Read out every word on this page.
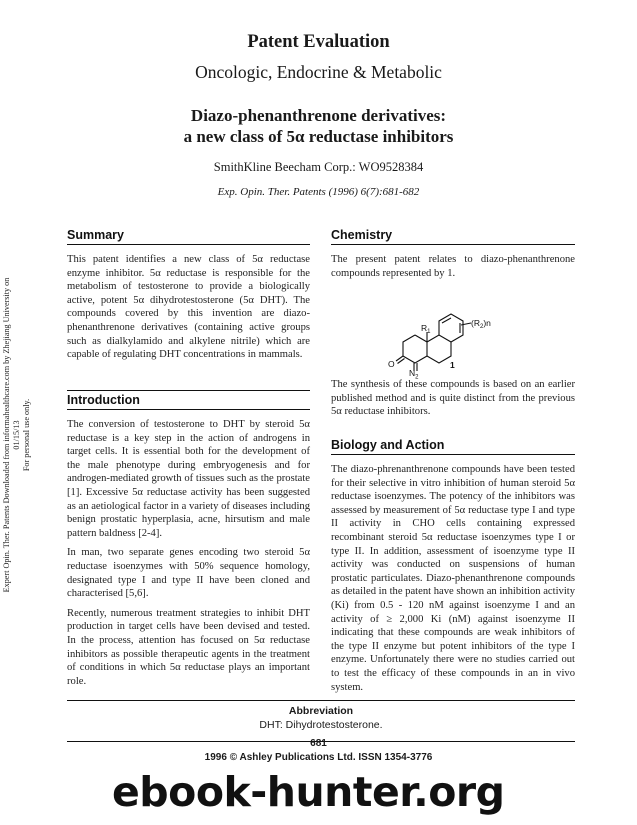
Expert Opin. Ther. Patents Downloaded from informahealthcare.com by Zhejiang University on 01/15/13 For personal use only.
Patent Evaluation
Oncologic, Endocrine & Metabolic
Diazo-phenanthrenone derivatives:
a new class of 5α reductase inhibitors
SmithKline Beecham Corp.: WO9528384
Exp. Opin. Ther. Patents (1996) 6(7):681-682
Summary

This patent identifies a new class of 5α reductase enzyme inhibitor. 5α reductase is responsible for the metabolism of testosterone to provide a biologically active, potent 5α dihydrotestosterone (5α DHT). The compounds covered by this invention are diazo-phenanthrenone derivatives (containing active groups such as dialkylamido and alkylene nitrile) which are capable of regulating DHT concentrations in mammals.

Introduction

The conversion of testosterone to DHT by steroid 5α reductase is a key step in the action of androgens in target cells. It is essential both for the development of the male phenotype during embryogenesis and for androgen-mediated growth of tissues such as the prostate [1]. Excessive 5α reductase activity has been suggested as an aetiological factor in a variety of diseases including benign prostatic hyperplasia, acne, hirsutism and male pattern baldness [2-4].

In man, two separate genes encoding two steroid 5α reductase isoenzymes with 50% sequence homology, designated type I and type II have been cloned and characterised [5,6].

Recently, numerous treatment strategies to inhibit DHT production in target cells have been devised and tested. In the process, attention has focused on 5α reductase inhibitors as possible therapeutic agents in the treatment of conditions in which 5α reductase plays an important role.

Chemistry

The present patent relates to diazo-phenanthrenone compounds represented by 1.

$R_1$
$(R_2)n$
O
$N_2$
1

The synthesis of these compounds is based on an earlier published method and is quite distinct from the previous 5α reductase inhibitors.

Biology and Action

The diazo-phrenanthrenone compounds have been tested for their selective in vitro inhibition of human steroid 5α reductase isoenzymes. The potency of the inhibitors was assessed by measurement of 5α reductase type I and type II activity in CHO cells containing expressed recombinant steroid 5α reductase isoenzymes type I or type II. In addition, assessment of isoenzyme type II activity was conducted on suspensions of human prostatic particulates. Diazo-phenanthrenone compounds as detailed in the patent have shown an inhibition activity (Ki) from 0.5 - 120 nM against isoenzyme I and an activity of ≥ 2,000 Ki (nM) against isoenzyme II indicating that these compounds are weak inhibitors of the type II enzyme but potent inhibitors of the type I enzyme. Unfortunately there were no studies carried out to test the efficacy of these compounds in an in vivo system.

Abbreviation
DHT: Dihydrotestosterone.
681
1996 © Ashley Publications Ltd. ISSN 1354-3776
ebook-hunter.org
